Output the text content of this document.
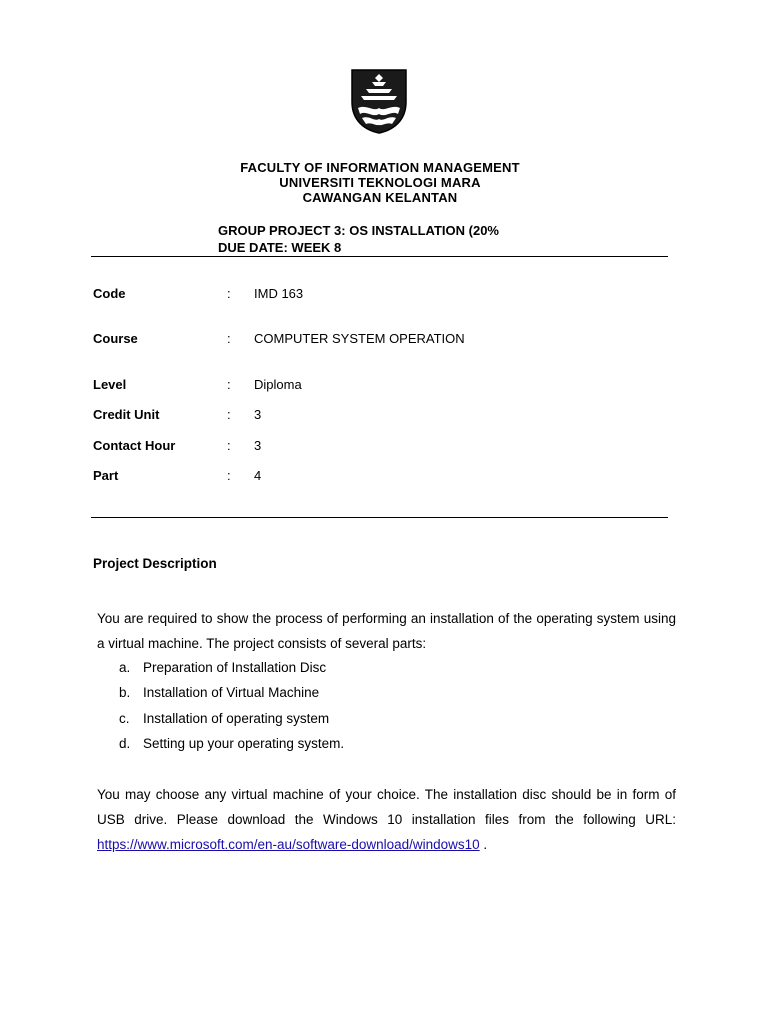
FACULTY OF INFORMATION MANAGEMENT
UNIVERSITI TEKNOLOGI MARA
CAWANGAN KELANTAN
GROUP PROJECT 3: OS INSTALLATION (20%
DUE DATE: WEEK 8
Code	: IMD 163
Course	: COMPUTER SYSTEM OPERATION
Level	: Diploma
Credit Unit	: 3
Contact Hour	: 3
Part	: 4
Project Description
You are required to show the process of performing an installation of the operating system using a virtual machine. The project consists of several parts:
a. Preparation of Installation Disc
b. Installation of Virtual Machine
c. Installation of operating system
d. Setting up your operating system.
You may choose any virtual machine of your choice. The installation disc should be in form of USB drive. Please download the Windows 10 installation files from the following URL: https://www.microsoft.com/en-au/software-download/windows10 .
